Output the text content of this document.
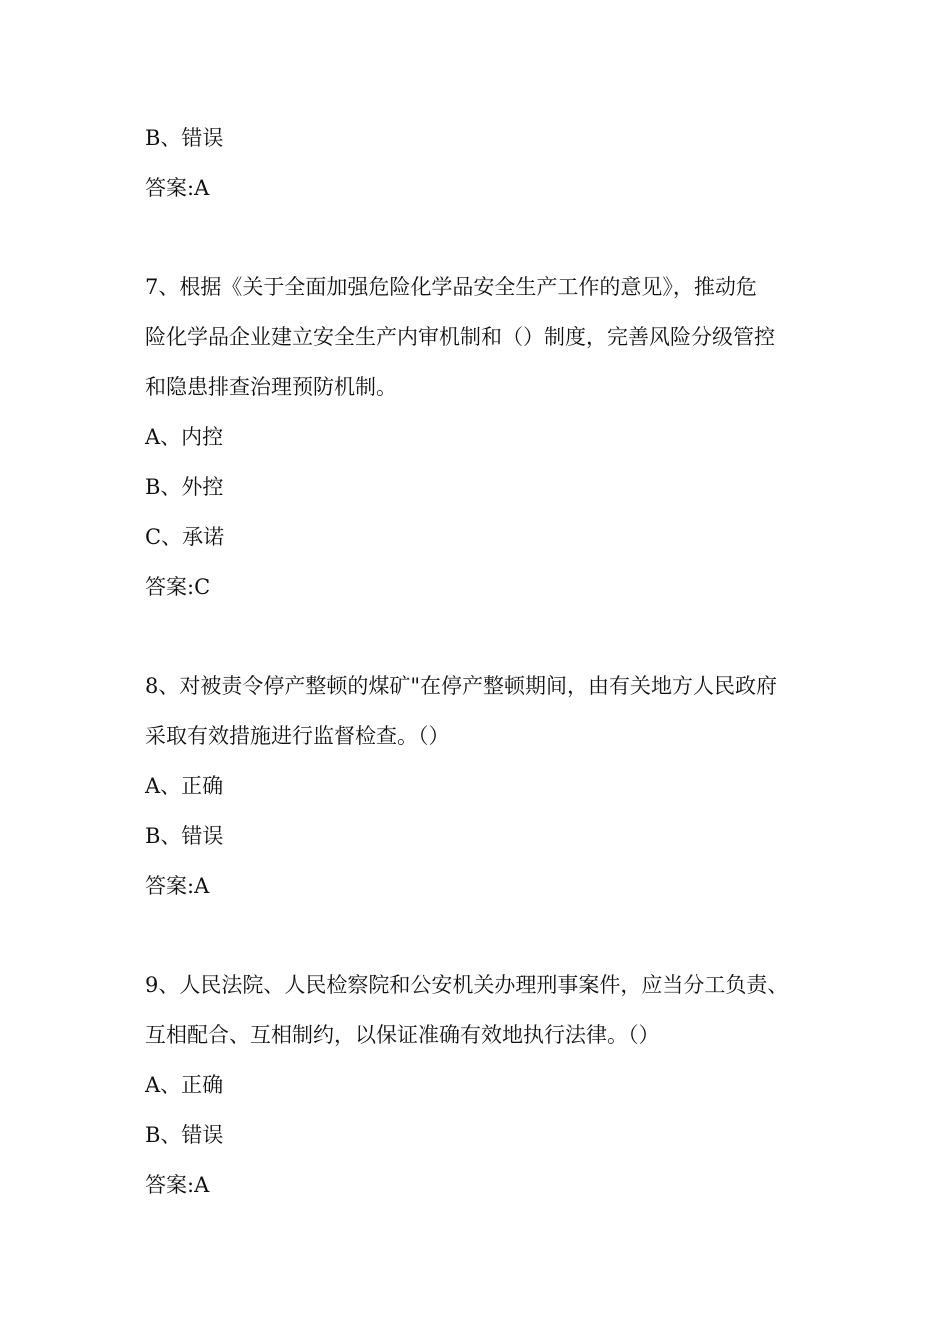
B、错误

答案:A

7、根据《关于全面加强危险化学品安全生产工作的意见》，推动危

险化学品企业建立安全生产内审机制和（）制度，完善风险分级管控

和隐患排查治理预防机制。

A、内控

B、外控

C、承诺

答案:C

8、对被责令停产整顿的煤矿"在停产整顿期间，由有关地方人民政府

采取有效措施进行监督检查。（）

A、正确

B、错误

答案:A

9、人民法院、人民检察院和公安机关办理刑事案件，应当分工负责、

互相配合、互相制约，以保证准确有效地执行法律。（）

A、正确

B、错误

答案:A
